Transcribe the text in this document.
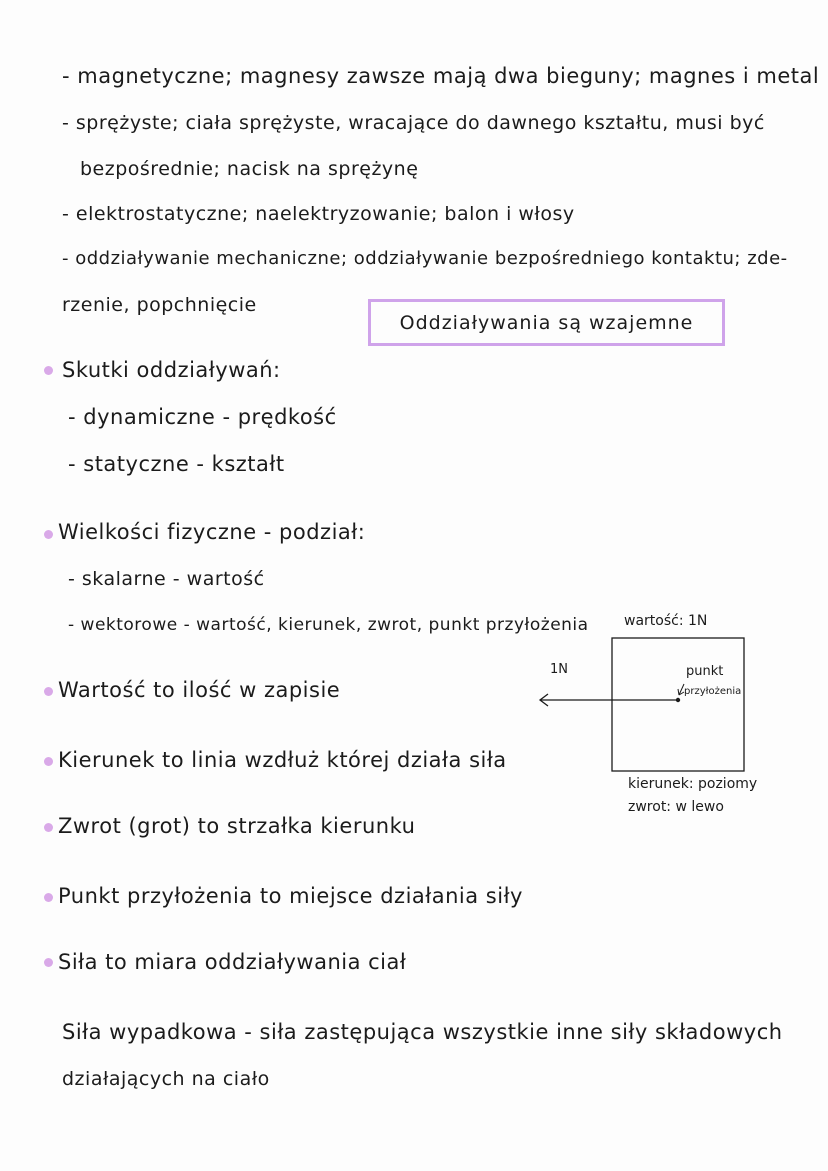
- magnetyczne; magnesy zawsze mają dwa bieguny; magnes i metal
- sprężyste; ciała sprężyste, wracające do dawnego kształtu, musi być
bezpośrednie; nacisk na sprężynę
- elektrostatyczne; naelektryzowanie; balon i włosy
- oddziaływanie mechaniczne; oddziaływanie bezpośredniego kontaktu; zde-
rzenie, popchnięcie
Oddziaływania są wzajemne
Skutki oddziaływań:
- dynamiczne - prędkość
- statyczne - kształt
Wielkości fizyczne - podział:
- skalarne - wartość
- wektorowe - wartość, kierunek, zwrot, punkt przyłożenia
Wartość to ilość w zapisie
Kierunek to linia wzdłuż której działa siła
Zwrot (grot) to strzałka kierunku
Punkt przyłożenia to miejsce działania siły
Siła to miara oddziaływania ciał
Siła wypadkowa - siła zastępująca wszystkie inne siły składowych
działających na ciało
wartość: 1N
1N	punkt
przyłożenia
kierunek: poziomy
zwrot: w lewo
